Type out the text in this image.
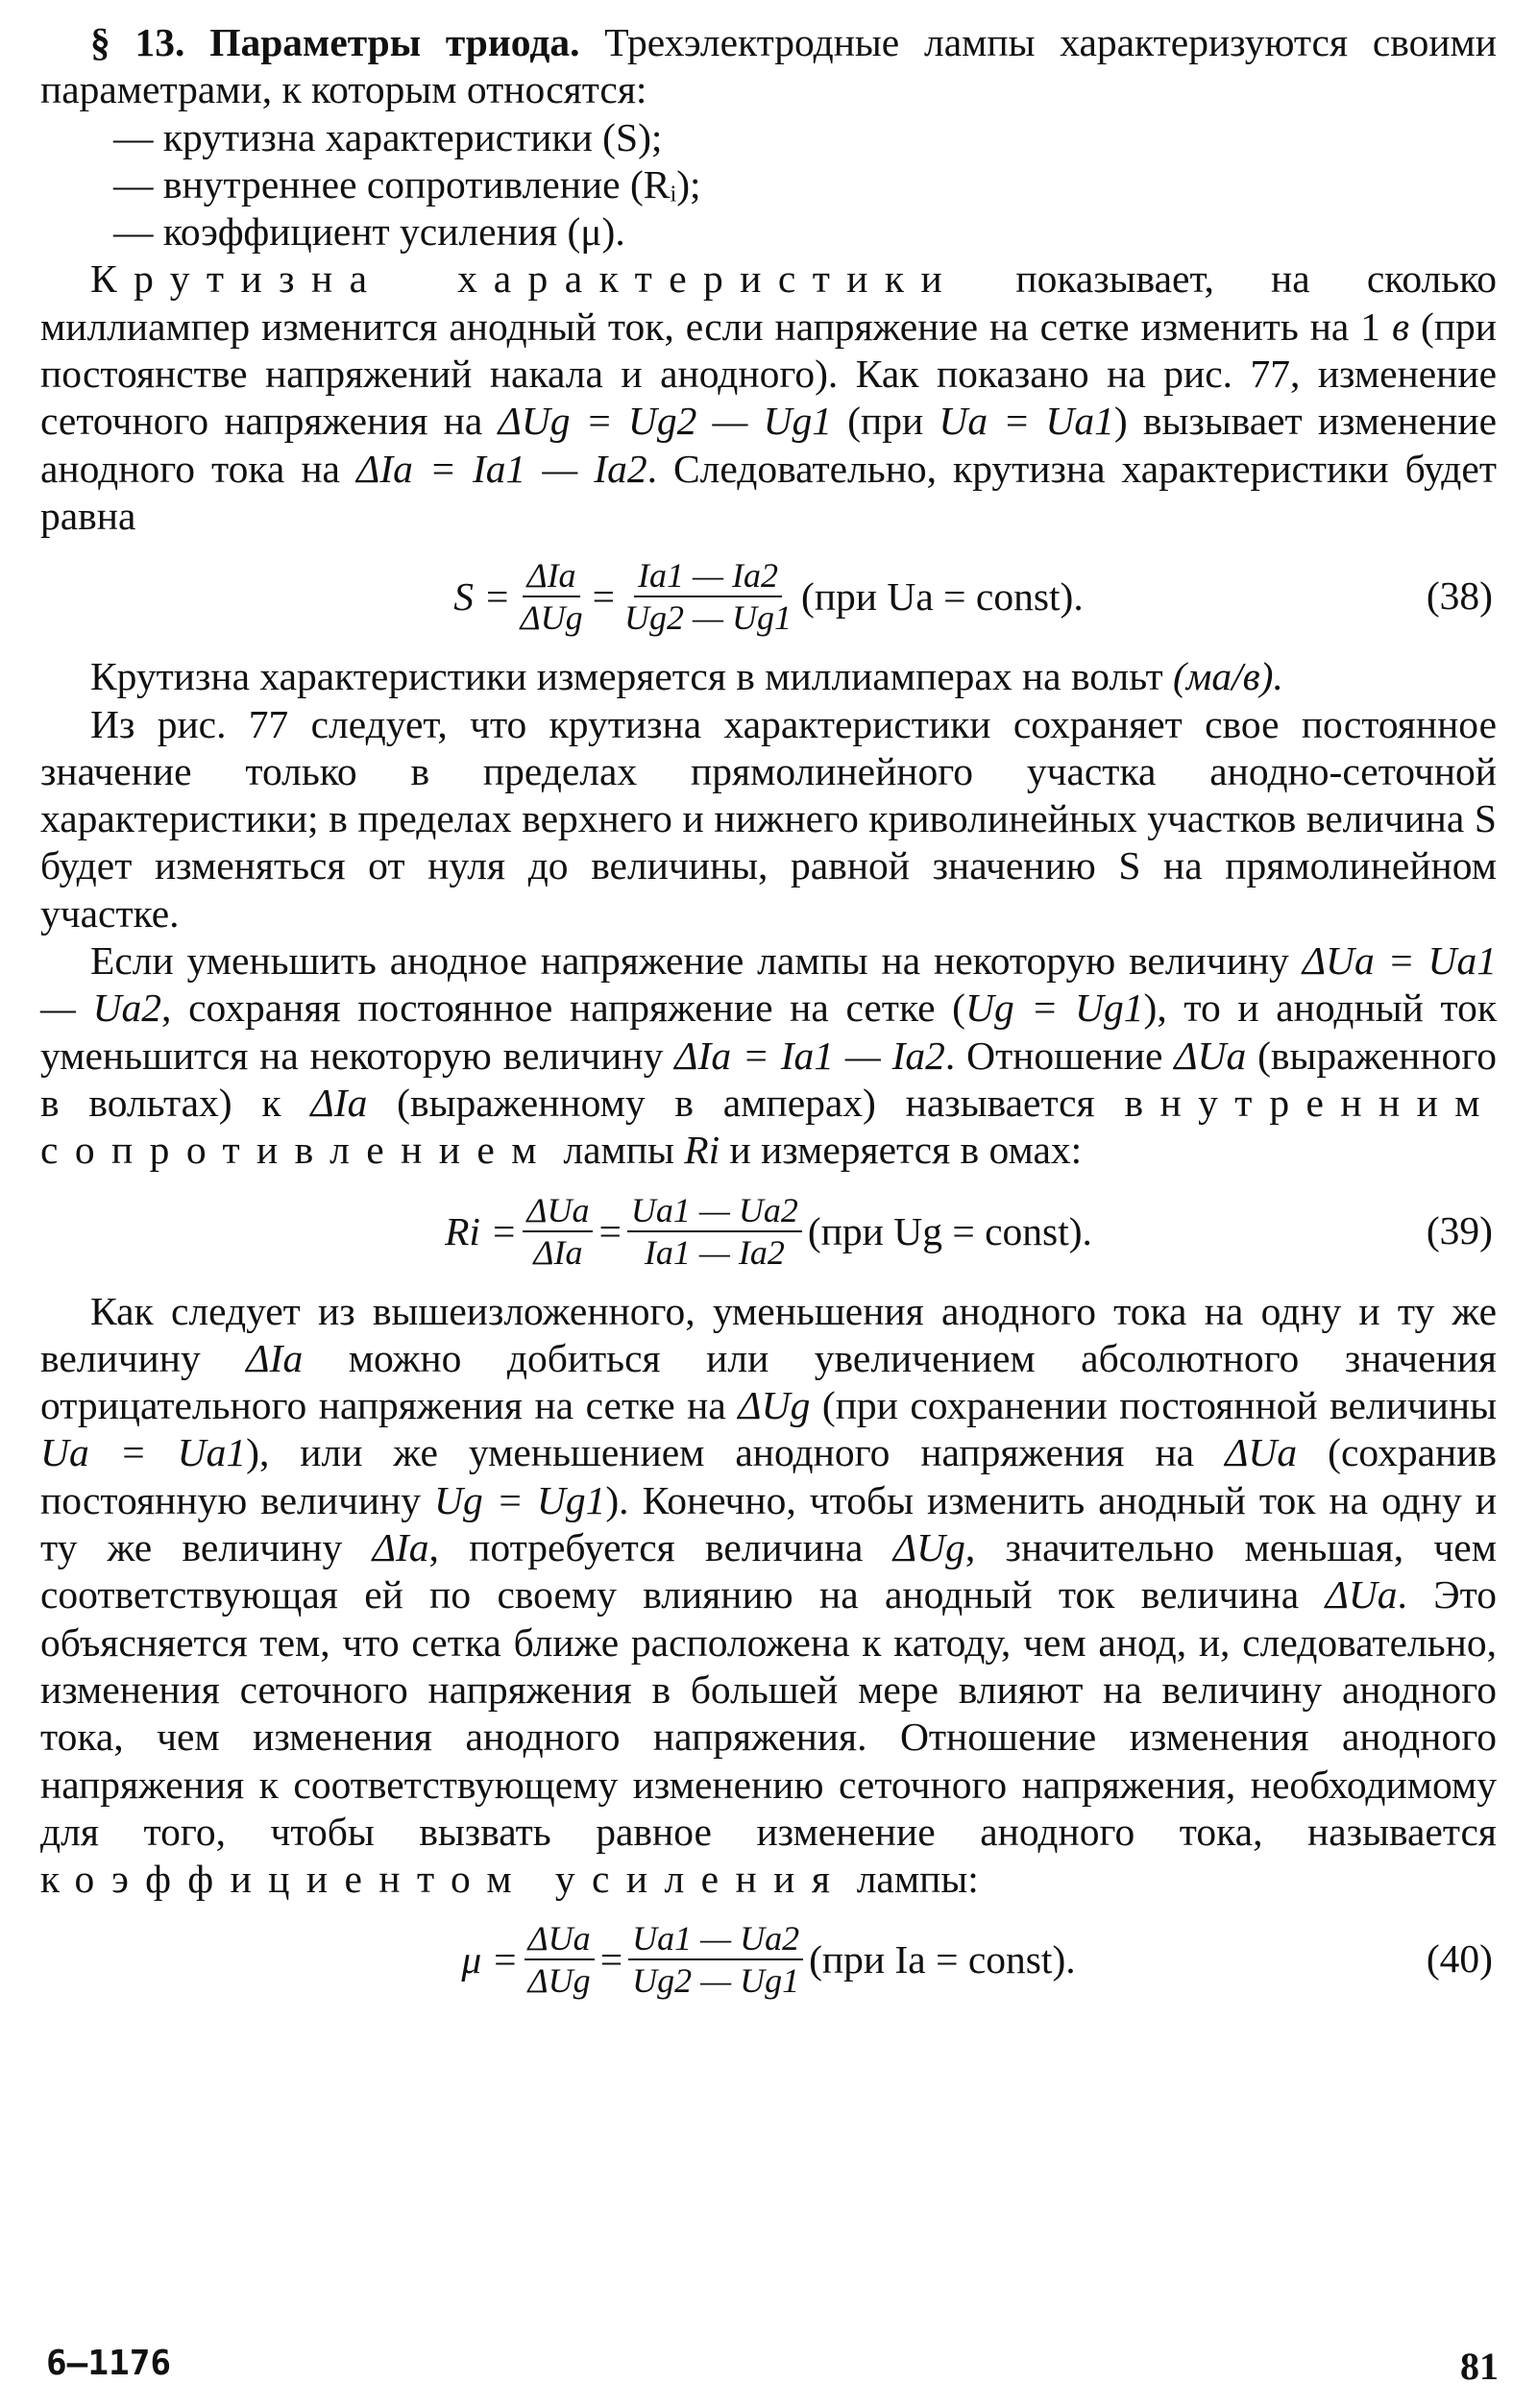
§ 13. Параметры триода. Трехэлектродные лампы характеризуются своими параметрами, к которым относятся:

— крутизна характеристики (S);

— внутреннее сопротивление (Rᵢ);

— коэффициент усиления (μ).

Крутизна характеристики показывает, на сколько миллиампер изменится анодный ток, если напряжение на сетке изменить на 1 в (при постоянстве напряжений накала и анодного). Как показано на рис. 77, изменение сеточного напряжения на ΔUg = Ug2 — Ug1 (при Ua = Ua1) вызывает изменение анодного тока на ΔIa = Ia1 — Ia2. Следовательно, крутизна характеристики будет равна

$S = \frac{\text{ΔIa}}{\text{ΔUg}} = \frac{Ia1 — Ia2}{Ug2 — Ug1} (при$ Ua = const).	(38)

Крутизна характеристики измеряется в миллиамперах на вольт (ма/в).

Из рис. 77 следует, что крутизна характеристики сохраняет свое постоянное значение только в пределах прямолинейного участка анодно-сеточной характеристики; в пределах верхнего и нижнего криволинейных участков величина S будет изменяться от нуля до величины, равной значению S на прямолинейном участке.

Если уменьшить анодное напряжение лампы на некоторую величину ΔUa = Ua1 — Ua2, сохраняя постоянное напряжение на сетке (Ug = Ug1), то и анодный ток уменьшится на некоторую величину ΔIa = Ia1 — Ia2. Отношение ΔUa (выраженного в вольтах) к ΔIa (выраженному в амперах) называется внутренним сопротивлением лампы Ri и измеряется в омах:

$Ri = \frac{\text{ΔUa}}{\text{ΔIa}} = \frac{Ua1 — Ua2}{Ia1 — Ia2} (при$ Ug = const).	(39)

Как следует из вышеизложенного, уменьшения анодного тока на одну и ту же величину ΔIa можно добиться или увеличением абсолютного значения отрицательного напряжения на сетке на ΔUg (при сохранении постоянной величины Ua = Ua1), или же уменьшением анодного напряжения на ΔUa (сохранив постоянную величину Ug = Ug1). Конечно, чтобы изменить анодный ток на одну и ту же величину ΔIa, потребуется величина ΔUg, значительно меньшая, чем соответствующая ей по своему влиянию на анодный ток величина ΔUa. Это объясняется тем, что сетка ближе расположена к катоду, чем анод, и, следовательно, изменения сеточного напряжения в большей мере влияют на величину анодного тока, чем изменения анодного напряжения. Отношение изменения анодного напряжения к соответствующему изменению сеточного напряжения, необходимому для того, чтобы вызвать равное изменение анодного тока, называется коэффициентом усиления лампы:

$\mu = \frac{\text{ΔUa}}{\text{ΔUg}} = \frac{Ua1 — Ua2}{Ug2 — Ug1} (при$ Ia = const).	(40)
6—1176	81
